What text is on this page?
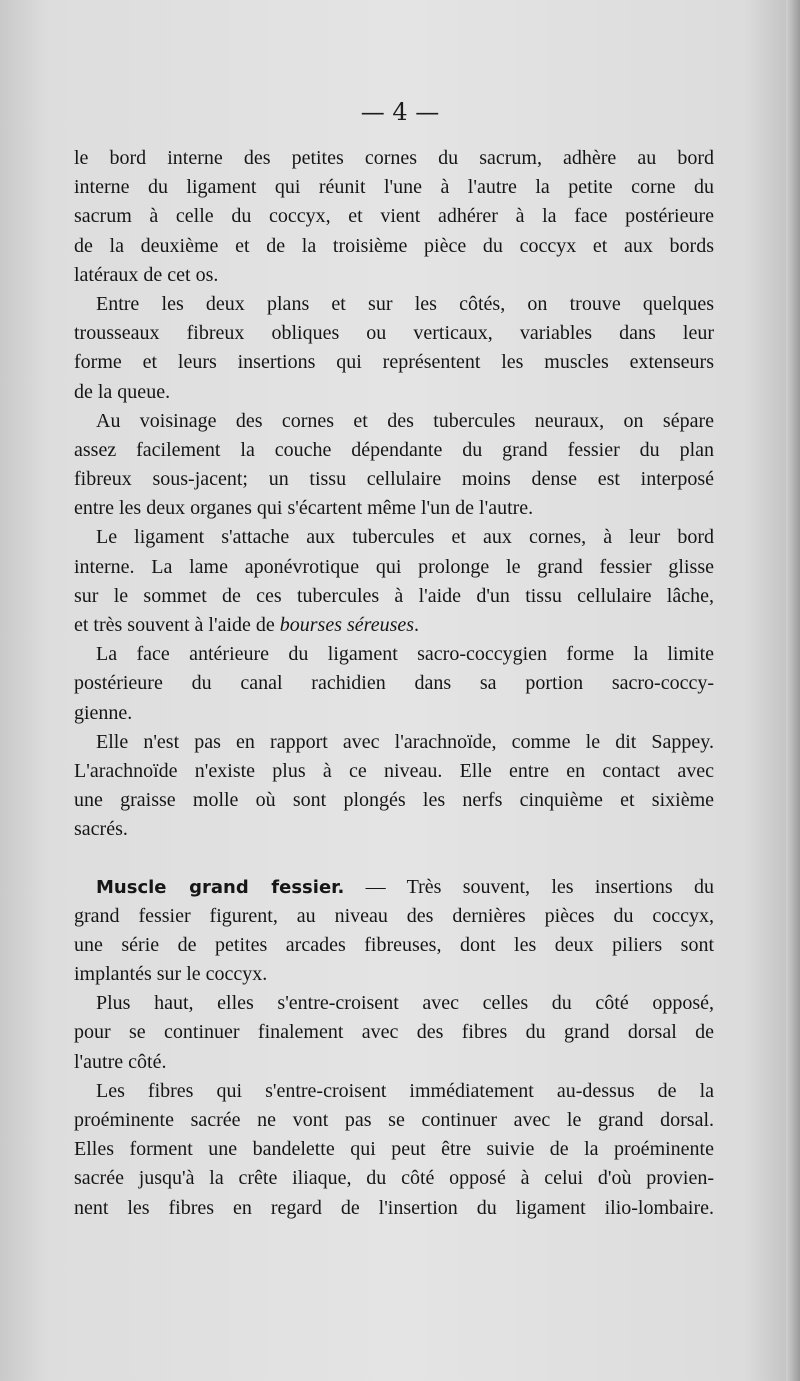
— 4 —
le bord interne des petites cornes du sacrum, adhère au bord
interne du ligament qui réunit l'une à l'autre la petite corne du
sacrum à celle du coccyx, et vient adhérer à la face postérieure
de la deuxième et de la troisième pièce du coccyx et aux bords
latéraux de cet os.
Entre les deux plans et sur les côtés, on trouve quelques
trousseaux fibreux obliques ou verticaux, variables dans leur
forme et leurs insertions qui représentent les muscles extenseurs
de la queue.
Au voisinage des cornes et des tubercules neuraux, on sépare
assez facilement la couche dépendante du grand fessier du plan
fibreux sous-jacent; un tissu cellulaire moins dense est interposé
entre les deux organes qui s'écartent même l'un de l'autre.
Le ligament s'attache aux tubercules et aux cornes, à leur bord
interne. La lame aponévrotique qui prolonge le grand fessier glisse
sur le sommet de ces tubercules à l'aide d'un tissu cellulaire lâche,
et très souvent à l'aide de bourses séreuses.
La face antérieure du ligament sacro-coccygien forme la limite
postérieure du canal rachidien dans sa portion sacro-coccy-
gienne.
Elle n'est pas en rapport avec l'arachnoïde, comme le dit Sappey.
L'arachnoïde n'existe plus à ce niveau. Elle entre en contact avec
une graisse molle où sont plongés les nerfs cinquième et sixième
sacrés.
Muscle grand fessier. — Très souvent, les insertions du
grand fessier figurent, au niveau des dernières pièces du coccyx,
une série de petites arcades fibreuses, dont les deux piliers sont
implantés sur le coccyx.
Plus haut, elles s'entre-croisent avec celles du côté opposé,
pour se continuer finalement avec des fibres du grand dorsal de
l'autre côté.
Les fibres qui s'entre-croisent immédiatement au-dessus de la
proéminente sacrée ne vont pas se continuer avec le grand dorsal.
Elles forment une bandelette qui peut être suivie de la proéminente
sacrée jusqu'à la crête iliaque, du côté opposé à celui d'où provien-
nent les fibres en regard de l'insertion du ligament ilio-lombaire.
